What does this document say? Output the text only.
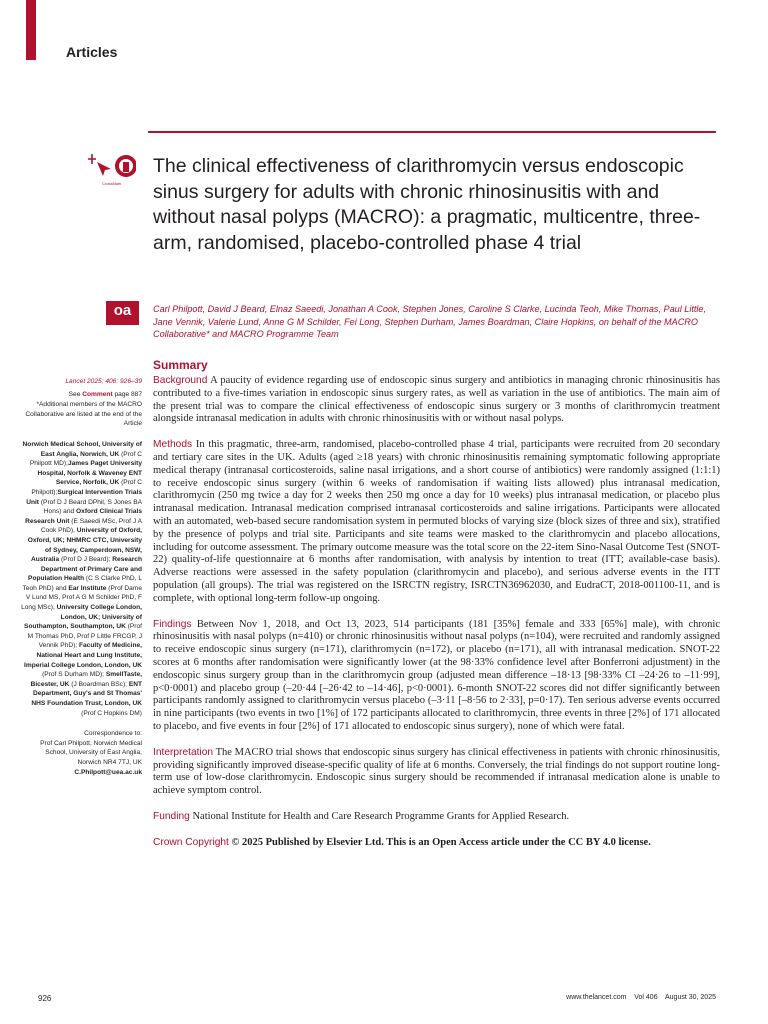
Articles
CrossMark
The clinical effectiveness of clarithromycin versus endoscopic sinus surgery for adults with chronic rhinosinusitis with and without nasal polyps (MACRO): a pragmatic, multicentre, three-arm, randomised, placebo-controlled phase 4 trial
oa	Carl Philpott, David J Beard, Elnaz Saeedi, Jonathan A Cook, Stephen Jones, Caroline S Clarke, Lucinda Teoh, Mike Thomas, Paul Little, Jane Vennik, Valerie Lund, Anne G M Schilder, Fei Long, Stephen Durham, James Boardman, Claire Hopkins, on behalf of the MACRO Collaborative* and MACRO Programme Team
Summary
Lancet 2025; 406: 926–39
See Comment page 887
*Additional members of the MACRO Collaborative are listed at the end of the Article
Norwich Medical School, University of East Anglia, Norwich, UK (Prof C Philpott MD);James Paget University Hospital, Norfolk & Waveney ENT Service, Norfolk, UK (Prof C Philpott);Surgical Intervention Trials Unit (Prof D J Beard DPhil, S Jones BA Hons) and Oxford Clinical Trials Research Unit (E Saeedi MSc, Prof J A Cook PhD), University of Oxford, Oxford, UK; NHMRC CTC, University of Sydney, Camperdown, NSW, Australia (Prof D J Beard); Research Department of Primary Care and Population Health (C S Clarke PhD, L Teoh PhD) and Ear Institute (Prof Dame V Lund MS, Prof A G M Schilder PhD, F Long MSc), University College London, London, UK; University of Southampton, Southampton, UK (Prof M Thomas PhD, Prof P Little FRCGP, J Vennik PhD); Faculty of Medicine, National Heart and Lung Institute, Imperial College London, London, UK (Prof S Durham MD); SmellTaste, Bicester, UK (J Boardman BSc); ENT Department, Guy's and St Thomas' NHS Foundation Trust, London, UK (Prof C Hopkins DM)
Correspondence to:
Prof Carl Philpott, Norwich Medical School, University of East Anglia, Norwich NR4 7TJ, UK
C.Philpott@uea.ac.uk

Background A paucity of evidence regarding use of endoscopic sinus surgery and antibiotics in managing chronic rhinosinusitis has contributed to a five-times variation in endoscopic sinus surgery rates, as well as variation in the use of antibiotics. The main aim of the present trial was to compare the clinical effectiveness of endoscopic sinus surgery or 3 months of clarithromycin treatment alongside intranasal medication in adults with chronic rhinosinusitis with or without nasal polyps.

Methods In this pragmatic, three-arm, randomised, placebo-controlled phase 4 trial, participants were recruited from 20 secondary and tertiary care sites in the UK. Adults (aged ≥18 years) with chronic rhinosinusitis remaining symptomatic following appropriate medical therapy (intranasal corticosteroids, saline nasal irrigations, and a short course of antibiotics) were randomly assigned (1:1:1) to receive endoscopic sinus surgery (within 6 weeks of randomisation if waiting lists allowed) plus intranasal medication, clarithromycin (250 mg twice a day for 2 weeks then 250 mg once a day for 10 weeks) plus intranasal medication, or placebo plus intranasal medication. Intranasal medication comprised intranasal corticosteroids and saline irrigations. Participants were allocated with an automated, web-based secure randomisation system in permuted blocks of varying size (block sizes of three and six), stratified by the presence of polyps and trial site. Participants and site teams were masked to the clarithromycin and placebo allocations, including for outcome assessment. The primary outcome measure was the total score on the 22-item Sino-Nasal Outcome Test (SNOT-22) quality-of-life questionnaire at 6 months after randomisation, with analysis by intention to treat (ITT; available-case basis). Adverse reactions were assessed in the safety population (clarithromycin and placebo), and serious adverse events in the ITT population (all groups). The trial was registered on the ISRCTN registry, ISRCTN36962030, and EudraCT, 2018-001100-11, and is complete, with optional long-term follow-up ongoing.

Findings Between Nov 1, 2018, and Oct 13, 2023, 514 participants (181 [35%] female and 333 [65%] male), with chronic rhinosinusitis with nasal polyps (n=410) or chronic rhinosinusitis without nasal polyps (n=104), were recruited and randomly assigned to receive endoscopic sinus surgery (n=171), clarithromycin (n=172), or placebo (n=171), all with intranasal medication. SNOT-22 scores at 6 months after randomisation were significantly lower (at the 98·33% confidence level after Bonferroni adjustment) in the endoscopic sinus surgery group than in the clarithromycin group (adjusted mean difference –18·13 [98·33% CI –24·26 to –11·99], p<0·0001) and placebo group (–20·44 [–26·42 to –14·46], p<0·0001). 6-month SNOT-22 scores did not differ significantly between participants randomly assigned to clarithromycin versus placebo (–3·11 [–8·56 to 2·33], p=0·17). Ten serious adverse events occurred in nine participants (two events in two [1%] of 172 participants allocated to clarithromycin, three events in three [2%] of 171 allocated to placebo, and five events in four [2%] of 171 allocated to endoscopic sinus surgery), none of which were fatal.

Interpretation The MACRO trial shows that endoscopic sinus surgery has clinical effectiveness in patients with chronic rhinosinusitis, providing significantly improved disease-specific quality of life at 6 months. Conversely, the trial findings do not support routine long-term use of low-dose clarithromycin. Endoscopic sinus surgery should be recommended if intranasal medication alone is unable to achieve symptom control.

Funding National Institute for Health and Care Research Programme Grants for Applied Research.

Crown Copyright © 2025 Published by Elsevier Ltd. This is an Open Access article under the CC BY 4.0 license.

926	www.thelancet.com Vol 406 August 30, 2025
